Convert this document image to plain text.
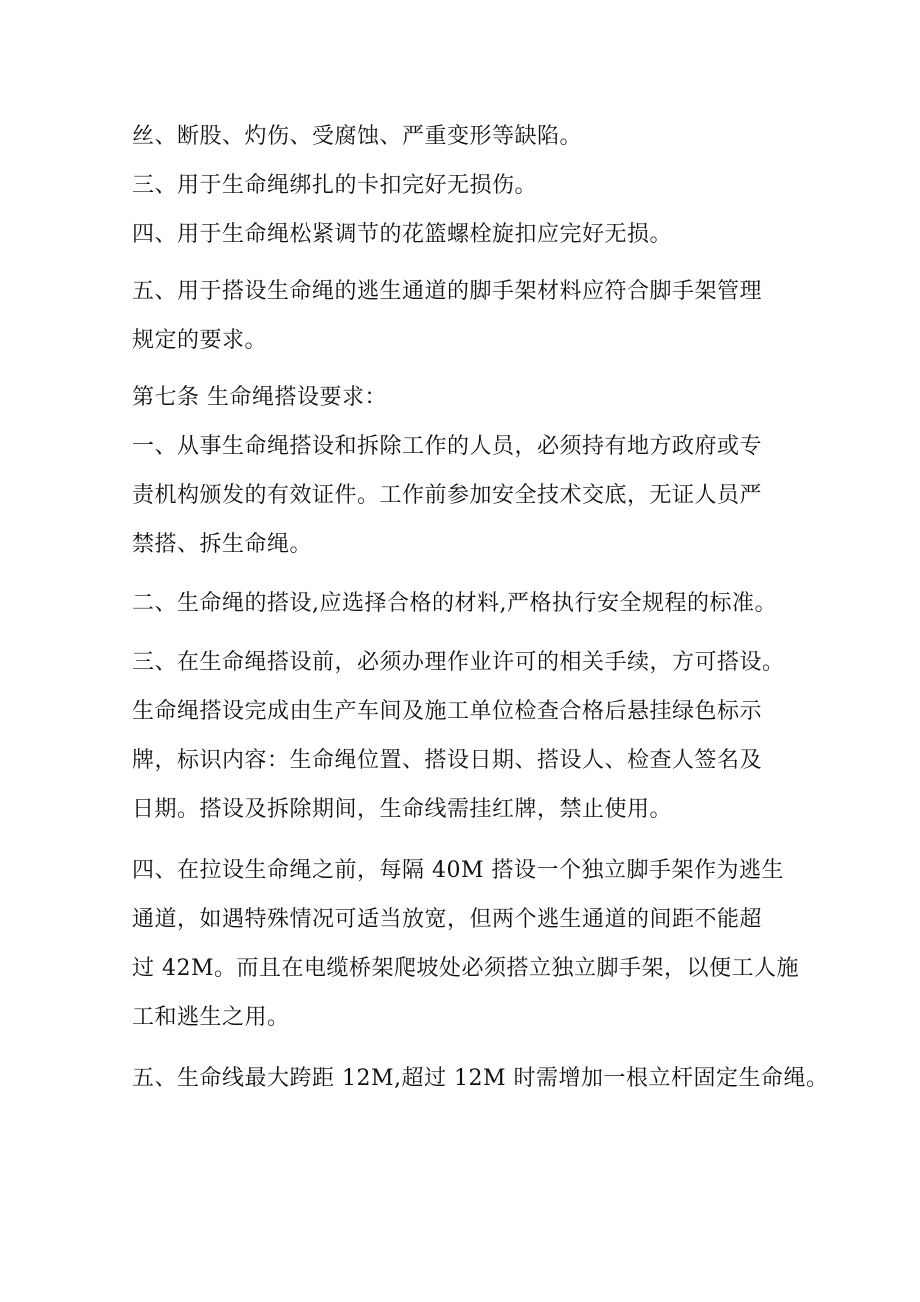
丝、断股、灼伤、受腐蚀、严重变形等缺陷。

三、用于生命绳绑扎的卡扣完好无损伤。

四、用于生命绳松紧调节的花篮螺栓旋扣应完好无损。

五、用于搭设生命绳的逃生通道的脚手架材料应符合脚手架管理
规定的要求。

第七条 生命绳搭设要求：

一、从事生命绳搭设和拆除工作的人员，必须持有地方政府或专
责机构颁发的有效证件。工作前参加安全技术交底，无证人员严
禁搭、拆生命绳。

二、生命绳的搭设,应选择合格的材料,严格执行安全规程的标准。

三、在生命绳搭设前，必须办理作业许可的相关手续，方可搭设。
生命绳搭设完成由生产车间及施工单位检查合格后悬挂绿色标示
牌，标识内容：生命绳位置、搭设日期、搭设人、检查人签名及
日期。搭设及拆除期间，生命线需挂红牌，禁止使用。

四、在拉设生命绳之前，每隔 40M 搭设一个独立脚手架作为逃生
通道，如遇特殊情况可适当放宽，但两个逃生通道的间距不能超
过 42M。而且在电缆桥架爬坡处必须搭立独立脚手架，以便工人施
工和逃生之用。

五、生命线最大跨距 12M,超过 12M 时需增加一根立杆固定生命绳。
